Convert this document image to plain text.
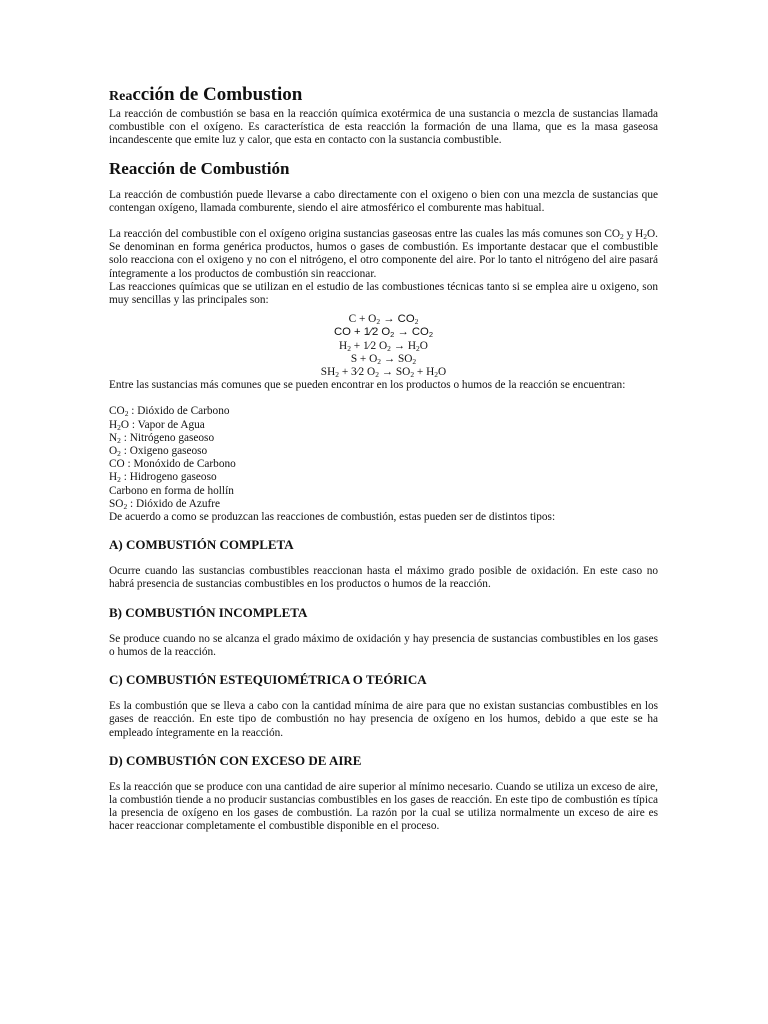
Reacción de Combustion

La reacción de combustión se basa en la reacción química exotérmica de una sustancia o mezcla de sustancias llamada combustible con el oxígeno. Es característica de esta reacción la formación de una llama, que es la masa gaseosa incandescente que emite luz y calor, que esta en contacto con la sustancia combustible.

Reacción de Combustión

La reacción de combustión puede llevarse a cabo directamente con el oxigeno o bien con una mezcla de sustancias que contengan oxígeno, llamada comburente, siendo el aire atmosférico el comburente mas habitual.

La reacción del combustible con el oxígeno origina sustancias gaseosas entre las cuales las más comunes son $CO_2$ y $H_2O$. Se denominan en forma genérica productos, humos o gases de combustión. Es importante destacar que el combustible solo reacciona con el oxigeno y no con el nitrógeno, el otro componente del aire. Por lo tanto el nitrógeno del aire pasará íntegramente a los productos de combustión sin reaccionar.

Las reacciones químicas que se utilizan en el estudio de las combustiones técnicas tanto si se emplea aire u oxigeno, son muy sencillas y las principales son:

$C + O_2 \to CO_2$
CO + 1⁄2 $O_2 \to CO_2$
$H_2$ + 1⁄2 $O_2 \to H_2O$
$S + O_2 \to SO_2$
$SH_2$ + 3⁄2 $O_2 \to SO_2 + H_2O$

Entre las sustancias más comunes que se pueden encontrar en los productos o humos de la reacción se encuentran:

$CO_2$ : Dióxido de Carbono
$H_2O$ : Vapor de Agua
$N_2$ : Nitrógeno gaseoso
$O_2$ : Oxigeno gaseoso
CO : Monóxido de Carbono
$H_2$ : Hidrogeno gaseoso
Carbono en forma de hollín
$SO_2$ : Dióxido de Azufre

De acuerdo a como se produzcan las reacciones de combustión, estas pueden ser de distintos tipos:

A) COMBUSTIÓN COMPLETA

Ocurre cuando las sustancias combustibles reaccionan hasta el máximo grado posible de oxidación. En este caso no habrá presencia de sustancias combustibles en los productos o humos de la reacción.

B) COMBUSTIÓN INCOMPLETA

Se produce cuando no se alcanza el grado máximo de oxidación y hay presencia de sustancias combustibles en los gases o humos de la reacción.

C) COMBUSTIÓN ESTEQUIOMÉTRICA O TEÓRICA

Es la combustión que se lleva a cabo con la cantidad mínima de aire para que no existan sustancias combustibles en los gases de reacción. En este tipo de combustión no hay presencia de oxígeno en los humos, debido a que este se ha empleado íntegramente en la reacción.

D) COMBUSTIÓN CON EXCESO DE AIRE

Es la reacción que se produce con una cantidad de aire superior al mínimo necesario. Cuando se utiliza un exceso de aire, la combustión tiende a no producir sustancias combustibles en los gases de reacción. En este tipo de combustión es típica la presencia de oxígeno en los gases de combustión. La razón por la cual se utiliza normalmente un exceso de aire es hacer reaccionar completamente el combustible disponible en el proceso.
